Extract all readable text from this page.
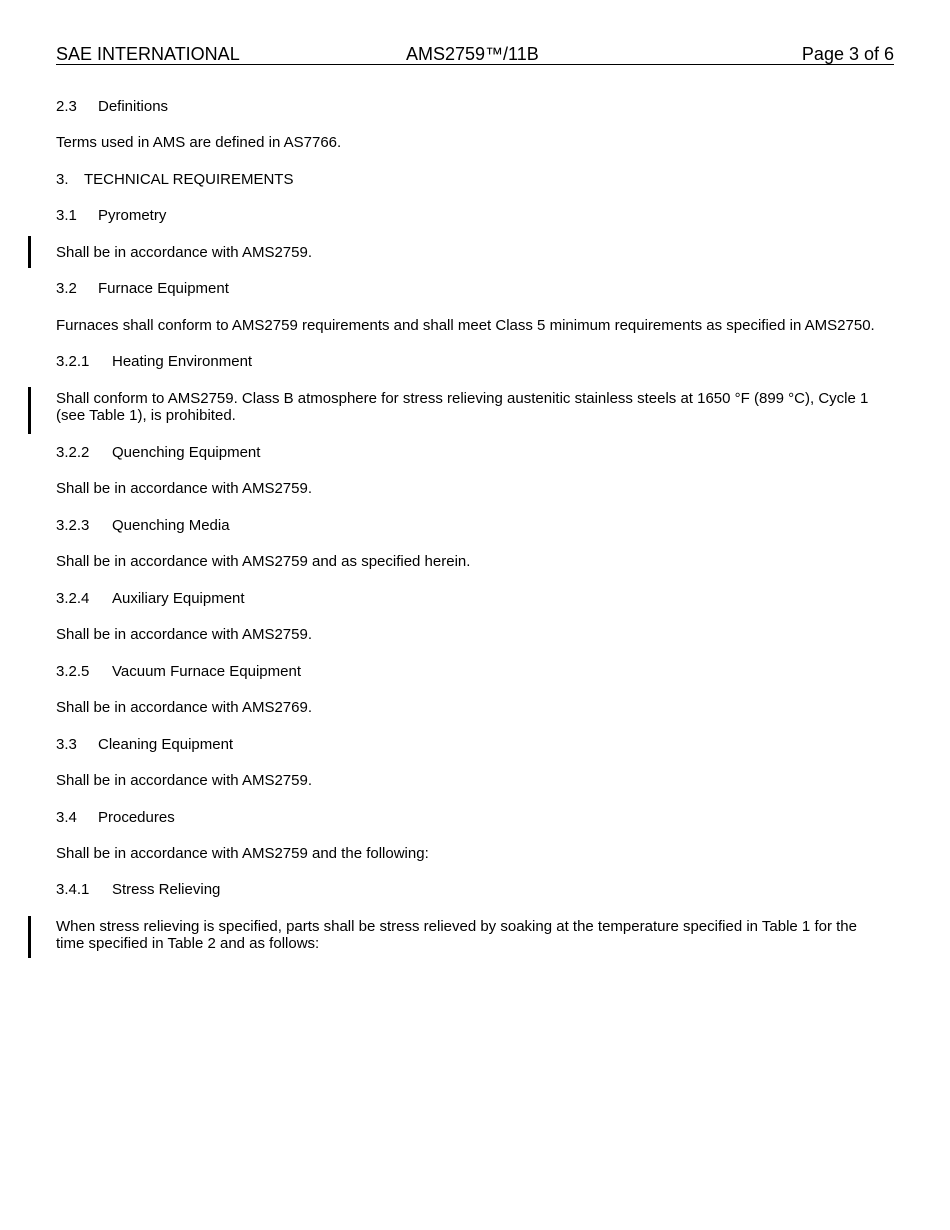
SAE INTERNATIONAL	AMS2759™/11B	Page 3 of 6
2.3 Definitions
Terms used in AMS are defined in AS7766.
3. TECHNICAL REQUIREMENTS
3.1 Pyrometry
Shall be in accordance with AMS2759.
3.2 Furnace Equipment
Furnaces shall conform to AMS2759 requirements and shall meet Class 5 minimum requirements as specified in AMS2750.
3.2.1 Heating Environment
Shall conform to AMS2759. Class B atmosphere for stress relieving austenitic stainless steels at 1650 °F (899 °C), Cycle 1
(see Table 1), is prohibited.
3.2.2 Quenching Equipment
Shall be in accordance with AMS2759.
3.2.3 Quenching Media
Shall be in accordance with AMS2759 and as specified herein.
3.2.4 Auxiliary Equipment
Shall be in accordance with AMS2759.
3.2.5 Vacuum Furnace Equipment
Shall be in accordance with AMS2769.
3.3 Cleaning Equipment
Shall be in accordance with AMS2759.
3.4 Procedures
Shall be in accordance with AMS2759 and the following:
3.4.1 Stress Relieving
When stress relieving is specified, parts shall be stress relieved by soaking at the temperature specified in Table 1 for the
time specified in Table 2 and as follows:
